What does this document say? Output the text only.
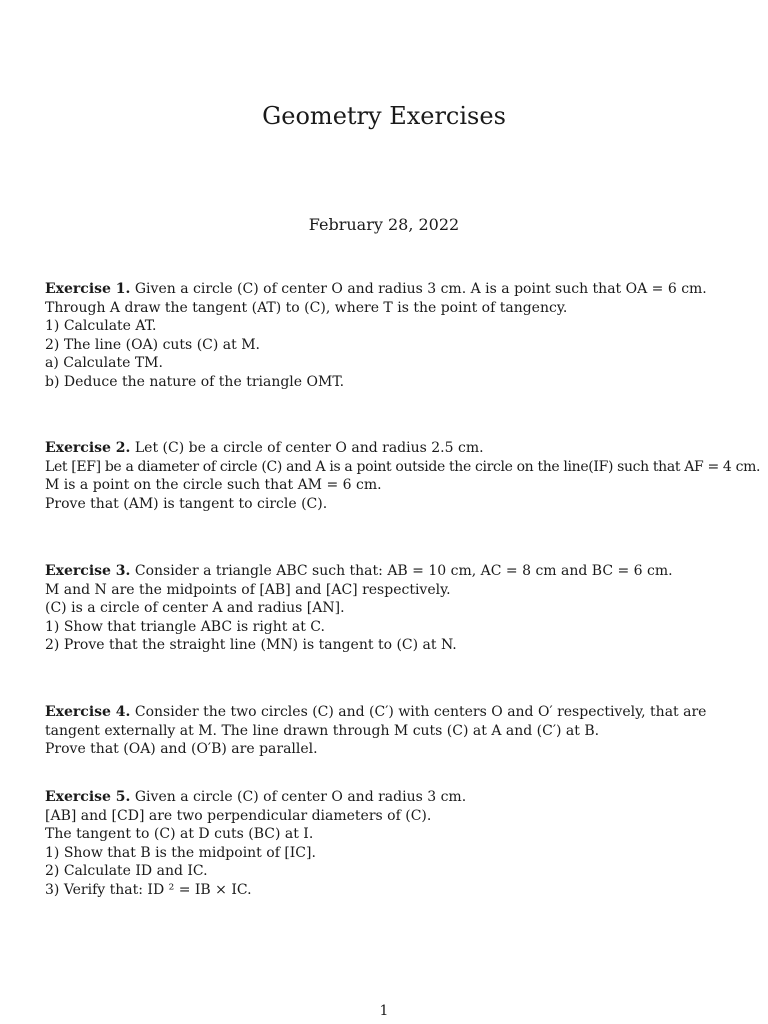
Geometry Exercises
February 28, 2022
Exercise 1. Given a circle (C) of center O and radius 3 cm. A is a point such that OA = 6 cm.
Through A draw the tangent (AT) to (C), where T is the point of tangency.
1) Calculate AT.
2) The line (OA) cuts (C) at M.
a) Calculate TM.
b) Deduce the nature of the triangle OMT.
Exercise 2. Let (C) be a circle of center O and radius 2.5 cm.
Let [EF] be a diameter of circle (C) and A is a point outside the circle on the line(IF) such that AF = 4 cm.
M is a point on the circle such that AM = 6 cm.
Prove that (AM) is tangent to circle (C).
Exercise 3. Consider a triangle ABC such that: AB = 10 cm, AC = 8 cm and BC = 6 cm.
M and N are the midpoints of [AB] and [AC] respectively.
(C) is a circle of center A and radius [AN].
1) Show that triangle ABC is right at C.
2) Prove that the straight line (MN) is tangent to (C) at N.
Exercise 4. Consider the two circles (C) and (C′) with centers O and O′ respectively, that are tangent externally at M. The line drawn through M cuts (C) at A and (C′) at B.
Prove that (OA) and (O′B) are parallel.
Exercise 5. Given a circle (C) of center O and radius 3 cm.
[AB] and [CD] are two perpendicular diameters of (C).
The tangent to (C) at D cuts (BC) at I.
1) Show that B is the midpoint of [IC].
2) Calculate ID and IC.
3) Verify that: ID ² = IB × IC.
1
